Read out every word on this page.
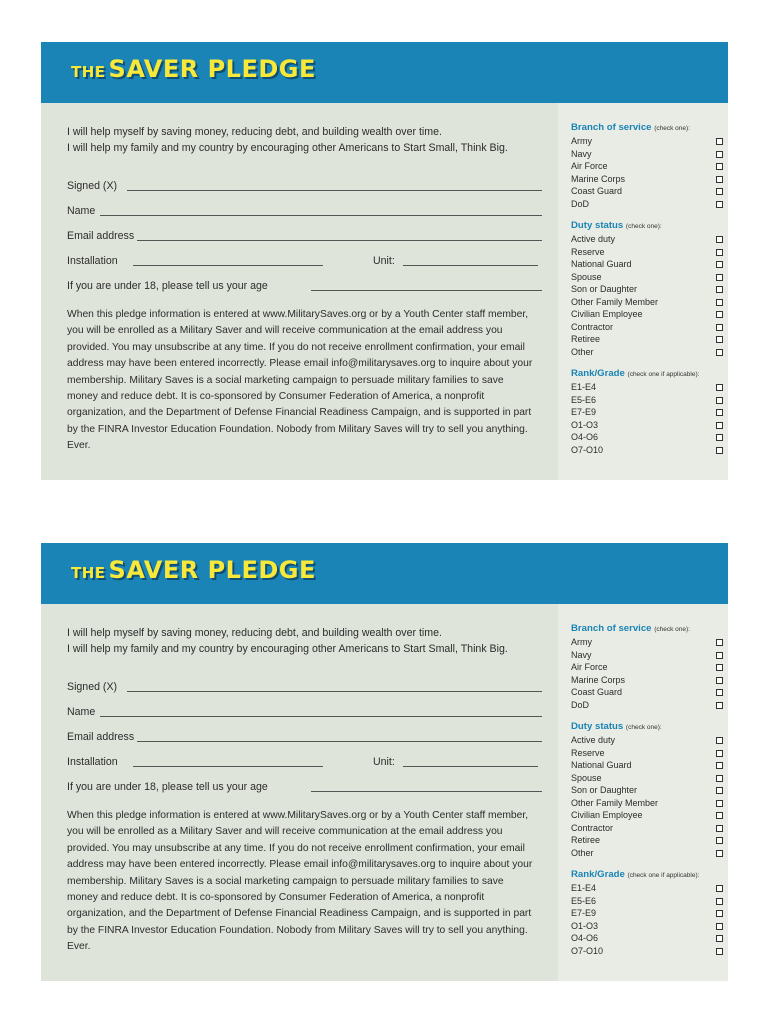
THE SAVER PLEDGE
I will help myself by saving money, reducing debt, and building wealth over time.
I will help my family and my country by encouraging other Americans to Start Small, Think Big.
Signed (X)
Name
Email address
Installation	Unit:
If you are under 18, please tell us your age
When this pledge information is entered at www.MilitarySaves.org or by a Youth Center staff member, you will be enrolled as a Military Saver and will receive communication at the email address you provided. You may unsubscribe at any time. If you do not receive enrollment confirmation, your email address may have been entered incorrectly. Please email info@militarysaves.org to inquire about your membership. Military Saves is a social marketing campaign to persuade military families to save money and reduce debt. It is co-sponsored by Consumer Federation of America, a nonprofit organization, and the Department of Defense Financial Readiness Campaign, and is supported in part by the FINRA Investor Education Foundation. Nobody from Military Saves will try to sell you anything. Ever.
Branch of service (check one):
Army
Navy
Air Force
Marine Corps
Coast Guard
DoD
Duty status (check one):
Active duty
Reserve
National Guard
Spouse
Son or Daughter
Other Family Member
Civilian Employee
Contractor
Retiree
Other
Rank/Grade (check one if applicable):
E1-E4
E5-E6
E7-E9
O1-O3
O4-O6
O7-O10
THE SAVER PLEDGE
I will help myself by saving money, reducing debt, and building wealth over time.
I will help my family and my country by encouraging other Americans to Start Small, Think Big.
Signed (X)
Name
Email address
Installation	Unit:
If you are under 18, please tell us your age
When this pledge information is entered at www.MilitarySaves.org or by a Youth Center staff member, you will be enrolled as a Military Saver and will receive communication at the email address you provided. You may unsubscribe at any time. If you do not receive enrollment confirmation, your email address may have been entered incorrectly. Please email info@militarysaves.org to inquire about your membership. Military Saves is a social marketing campaign to persuade military families to save money and reduce debt. It is co-sponsored by Consumer Federation of America, a nonprofit organization, and the Department of Defense Financial Readiness Campaign, and is supported in part by the FINRA Investor Education Foundation. Nobody from Military Saves will try to sell you anything. Ever.
Branch of service (check one):
Army
Navy
Air Force
Marine Corps
Coast Guard
DoD
Duty status (check one):
Active duty
Reserve
National Guard
Spouse
Son or Daughter
Other Family Member
Civilian Employee
Contractor
Retiree
Other
Rank/Grade (check one if applicable):
E1-E4
E5-E6
E7-E9
O1-O3
O4-O6
O7-O10
